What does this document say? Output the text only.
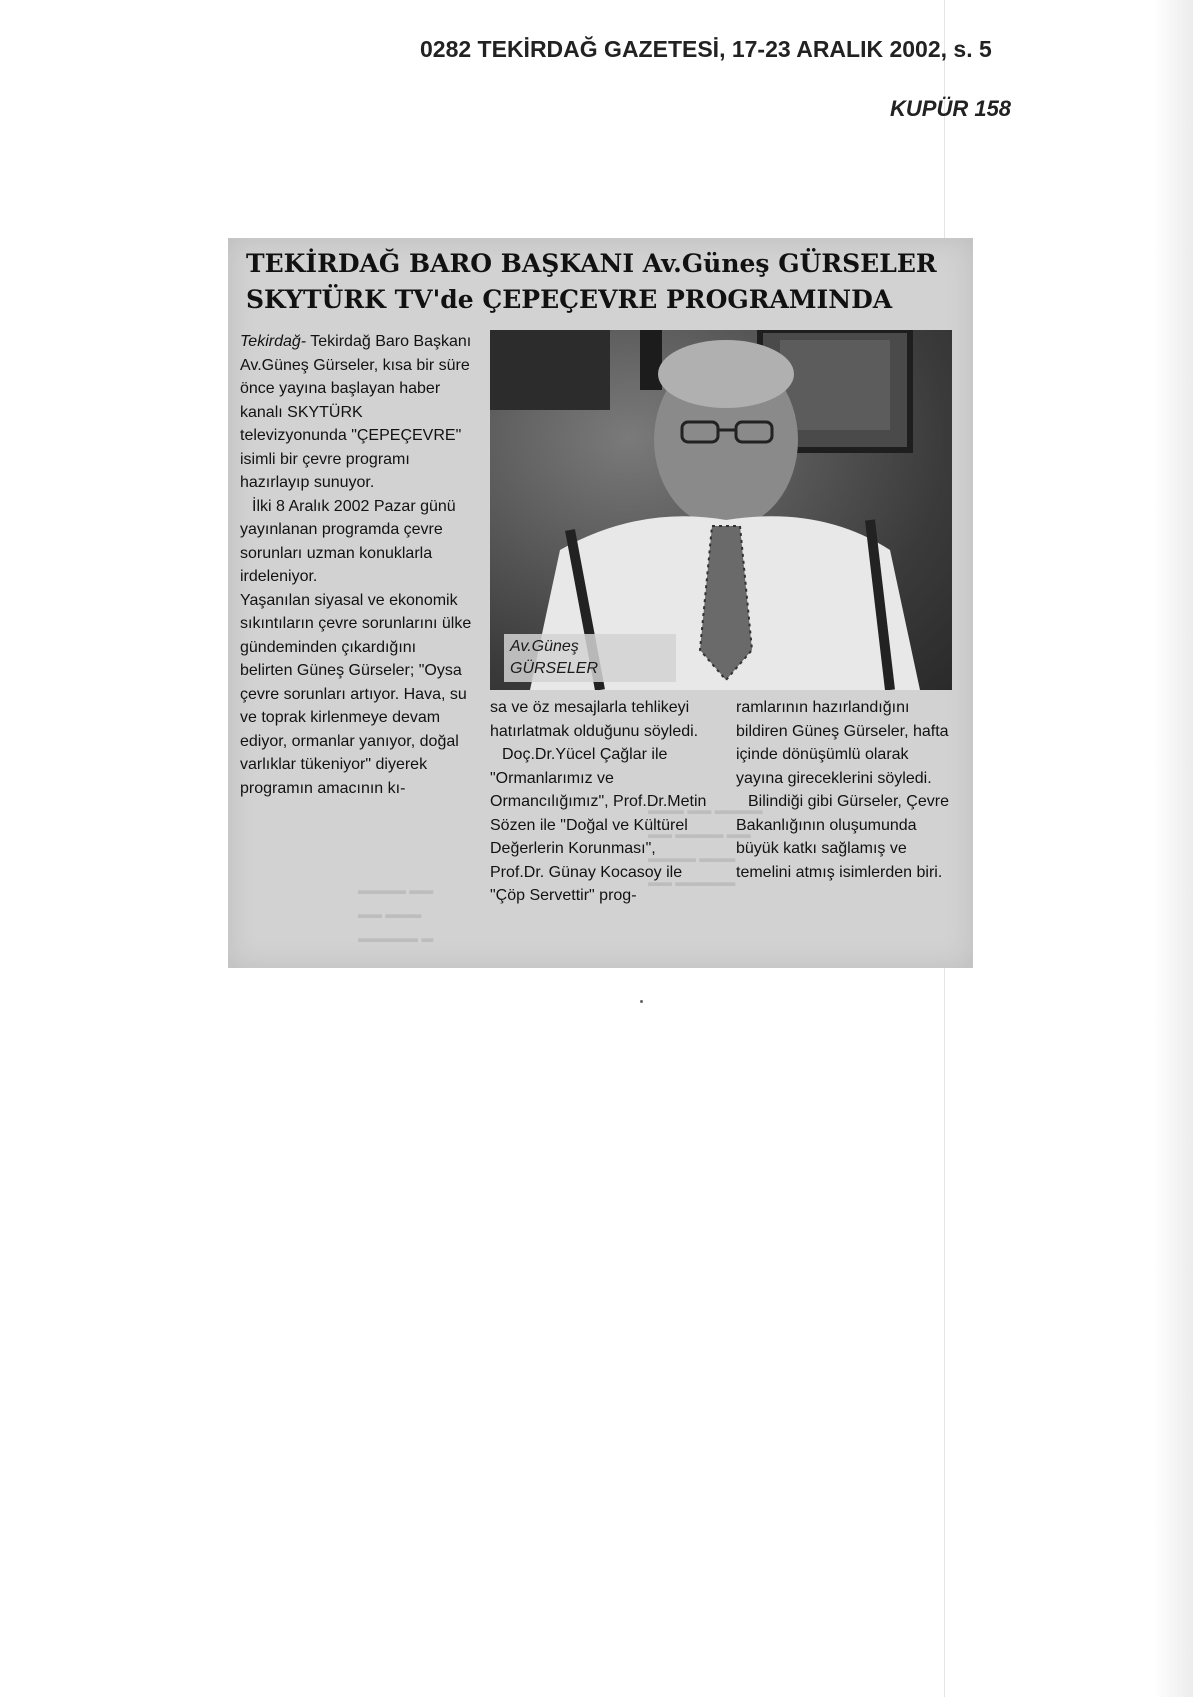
0282 TEKİRDAĞ GAZETESİ, 17-23 ARALIK 2002, s. 5
KUPÜR 158
▬▬▬ ▬▬ ▬▬▬▬
▬▬ ▬▬▬▬ ▬▬
▬▬▬▬ ▬▬▬
▬▬ ▬▬▬▬▬
▬▬▬▬ ▬▬
▬▬ ▬▬▬
▬▬▬▬▬ ▬
TEKİRDAĞ BARO BAŞKANI Av.Güneş GÜRSELER
SKYTÜRK TV'de ÇEPEÇEVRE PROGRAMINDA

Tekirdağ- Tekirdağ Baro Başkanı Av.Güneş Gürseler, kısa bir süre önce yayına başlayan haber kanalı SKYTÜRK televizyonunda "ÇEPEÇEVRE" isimli bir çevre programı hazırlayıp sunuyor.

İlki 8 Aralık 2002 Pazar günü yayınlanan programda çevre sorunları uzman konuklarla irdeleniyor.

Yaşanılan siyasal ve ekonomik sıkıntıların çevre sorunlarını ülke gündeminden çıkardığını belirten Güneş Gürseler; "Oysa çevre sorunları artıyor. Hava, su ve toprak kirlenmeye devam ediyor, ormanlar yanıyor, doğal varlıklar tükeniyor" diyerek programın amacının kı-

Av.Güneş
GÜRSELER

sa ve öz mesajlarla tehlikeyi hatırlatmak olduğunu söyledi.

Doç.Dr.Yücel Çağlar ile "Ormanlarımız ve Ormancılığımız", Prof.Dr.Metin Sözen ile "Doğal ve Kültürel Değerlerin Korunması", Prof.Dr. Günay Kocasoy ile "Çöp Servettir" prog-

ramlarının hazırlandığını bildiren Güneş Gürseler, hafta içinde dönüşümlü olarak yayına gireceklerini söyledi.

Bilindiği gibi Gürseler, Çevre Bakanlığının oluşumunda büyük katkı sağlamış ve temelini atmış isimlerden biri.
